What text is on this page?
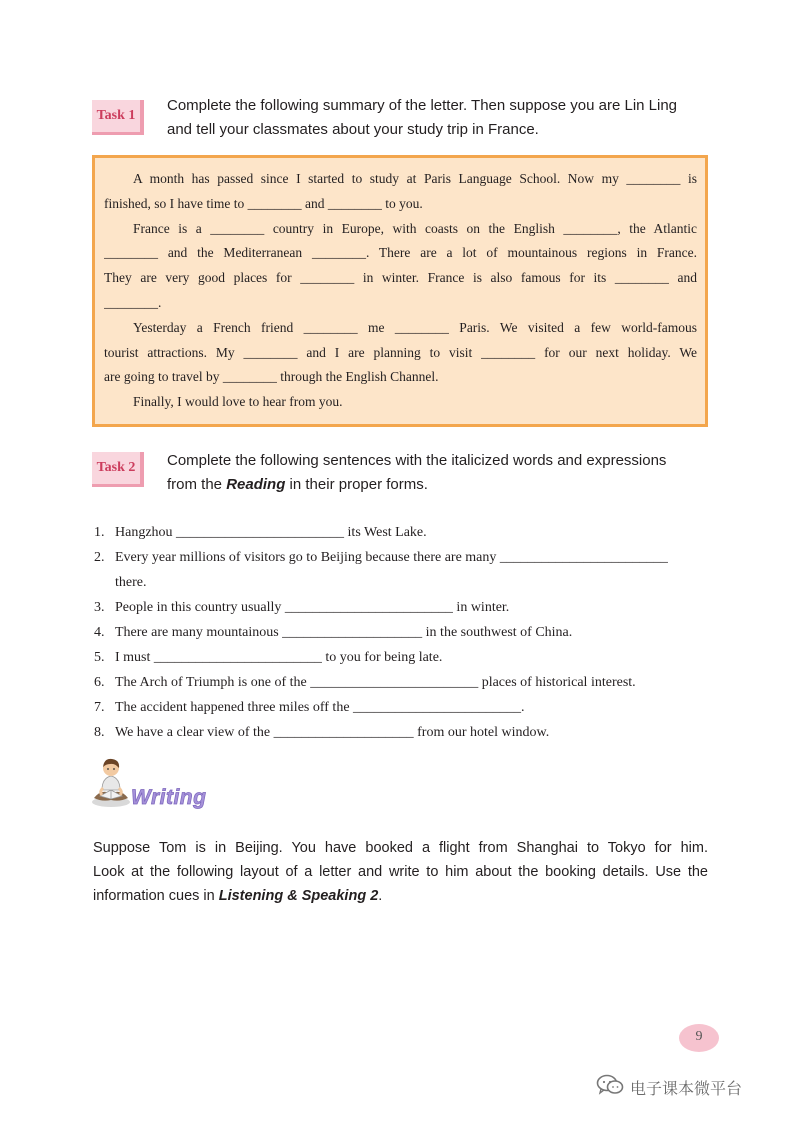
Task 1
Complete the following summary of the letter. Then suppose you are Lin Ling
and tell your classmates about your study trip in France.
A month has passed since I started to study at Paris Language School. Now my ________ is
finished, so I have time to ________ and ________ to you.
France is a ________ country in Europe, with coasts on the English ________, the Atlantic
________ and the Mediterranean ________. There are a lot of mountainous regions in France.
They are very good places for ________ in winter. France is also famous for its ________ and
________.
Yesterday a French friend ________ me ________ Paris. We visited a few world-famous
tourist attractions. My ________ and I are planning to visit ________ for our next holiday. We
are going to travel by ________ through the English Channel.
Finally, I would love to hear from you.
Task 2	Complete the following sentences with the italicized words and expressions
from the Reading in their proper forms.
1. Hangzhou ________________________ its West Lake.
2. Every year millions of visitors go to Beijing because there are many ________________________
there.
3. People in this country usually ________________________ in winter.
4. There are many mountainous ____________________ in the southwest of China.
5. I must ________________________ to you for being late.
6. The Arch of Triumph is one of the ________________________ places of historical interest.
7. The accident happened three miles off the ________________________.
8. We have a clear view of the ____________________ from our hotel window.
Writing
Suppose Tom is in Beijing. You have booked a flight from Shanghai to Tokyo for him.
Look at the following layout of a letter and write to him about the booking details. Use the
information cues in Listening & Speaking 2.
9
电子课本微平台
